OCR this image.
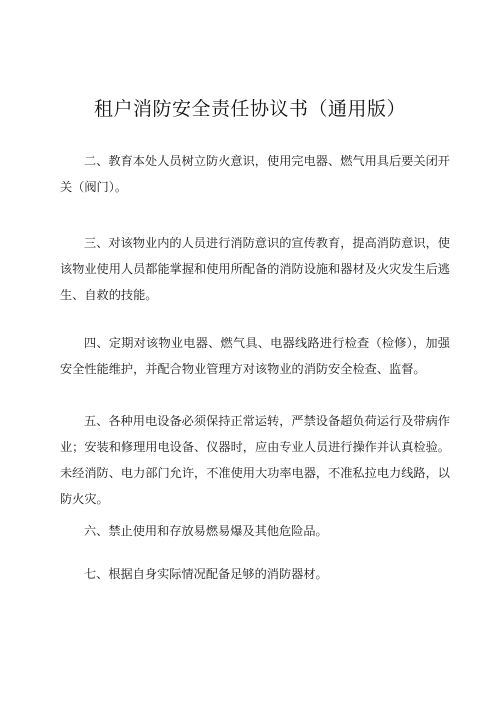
租户消防安全责任协议书（通用版）

二、教育本处人员树立防火意识，使用完电器、燃气用具后要关闭开关（阀门）。

三、对该物业内的人员进行消防意识的宣传教育，提高消防意识，使该物业使用人员都能掌握和使用所配备的消防设施和器材及火灾发生后逃生、自救的技能。

四、定期对该物业电器、燃气具、电器线路进行检查（检修），加强安全性能维护，并配合物业管理方对该物业的消防安全检查、监督。

五、各种用电设备必须保持正常运转，严禁设备超负荷运行及带病作业；安装和修理用电设备、仪器时，应由专业人员进行操作并认真检验。未经消防、电力部门允许，不准使用大功率电器，不准私拉电力线路，以防火灾。

六、禁止使用和存放易燃易爆及其他危险品。

七、根据自身实际情况配备足够的消防器材。
